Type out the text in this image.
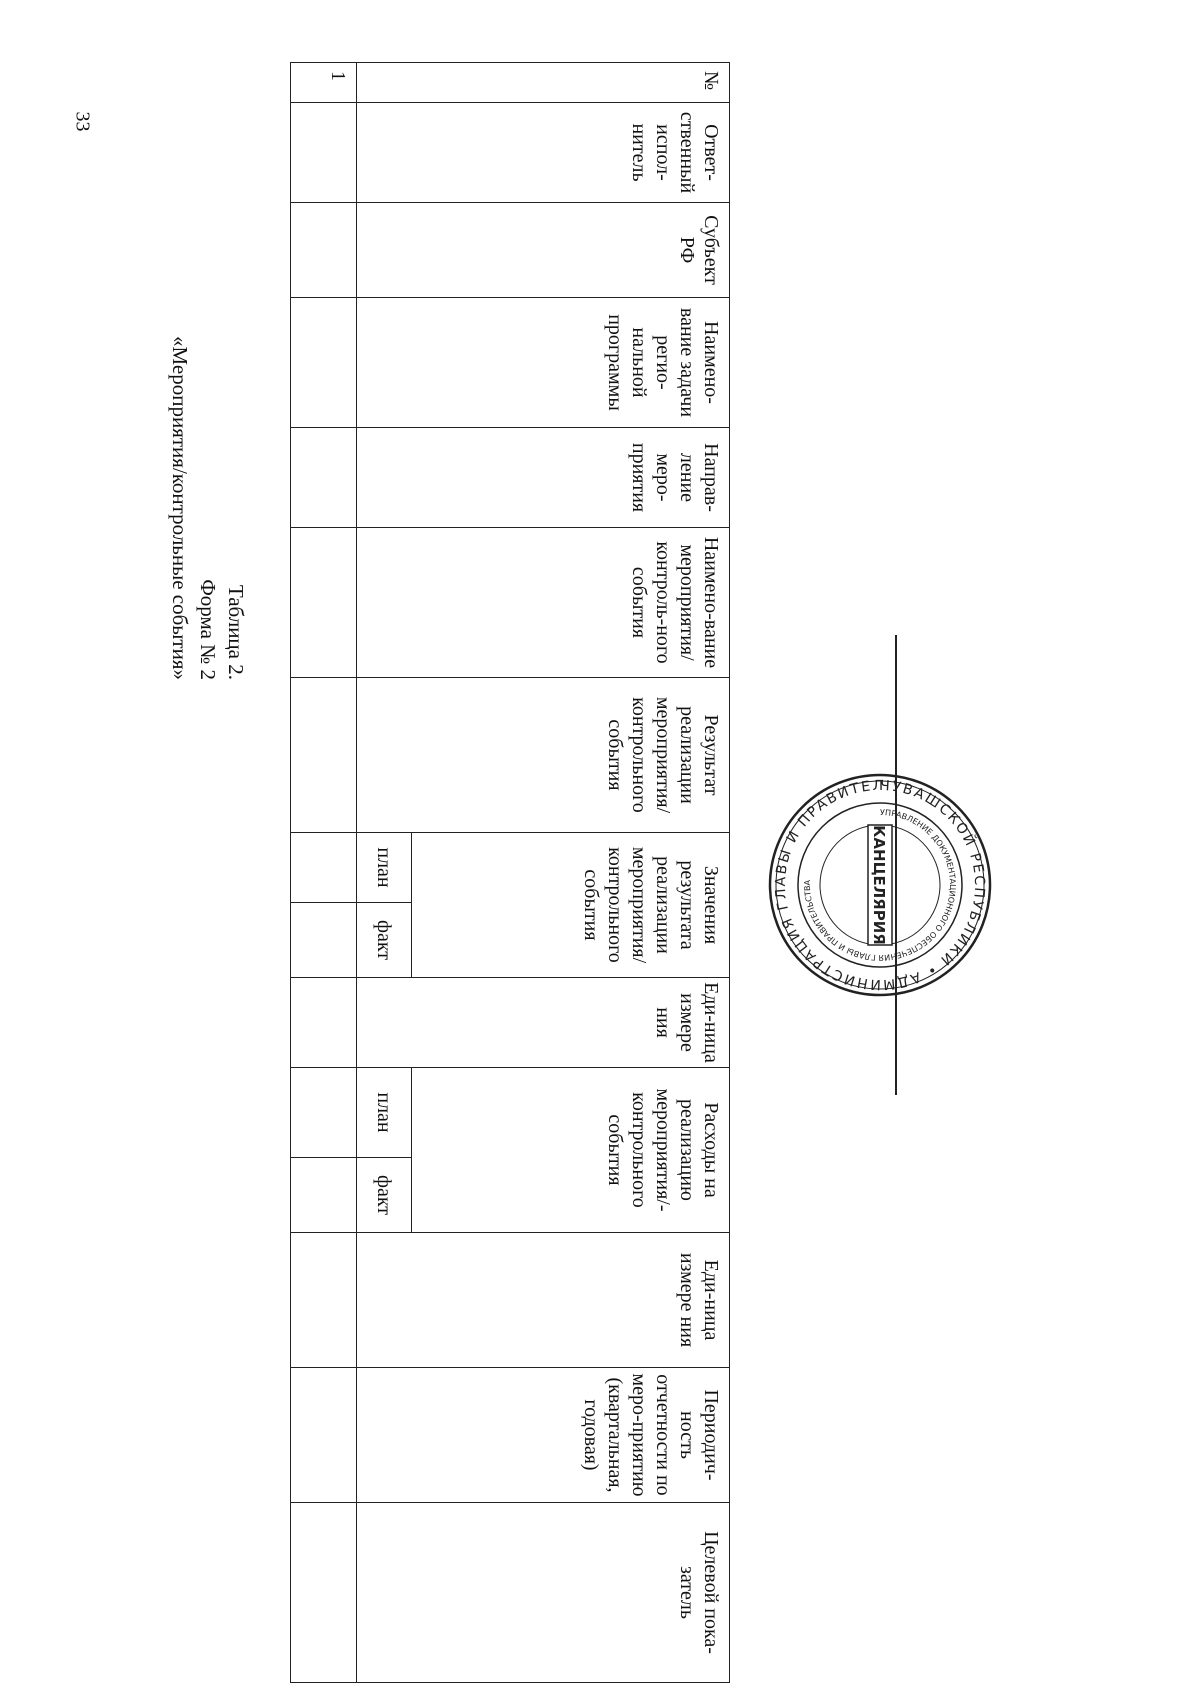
33
Таблица 2.
Форма № 2
«Мероприятия/контрольные события»
№	Ответ-ственный испол-нитель	Субъект РФ	Наимено-вание задачи регио-нальной программы	Направ-ление меро-приятия	Наимено-вание мероприятия/контроль-ного события	Результат реализации мероприятия/контрольного события	Значения результата реализации мероприятия/контрольного события		Еди-ница измере ния	Расходы на реализацию мероприятия/-контрольного события		Еди-ница измере ния	Периодич-ность отчетности по меро-приятию (квартальная, годовая)	Целевой пока-затель
							план	факт		план	факт			
1														
ЧУВАШСКОЙ РЕСПУБЛИКИ • АДМИНИСТРАЦИЯ ГЛАВЫ И ПРАВИТЕЛ
УПРАВЛЕНИЕ ДОКУМЕНТАЦИОННОГО ОБЕСПЕЧЕНИЯ ГЛАВЫ И ПРАВИТЕЛЬСТВА	КАНЦЕЛЯРИЯ
